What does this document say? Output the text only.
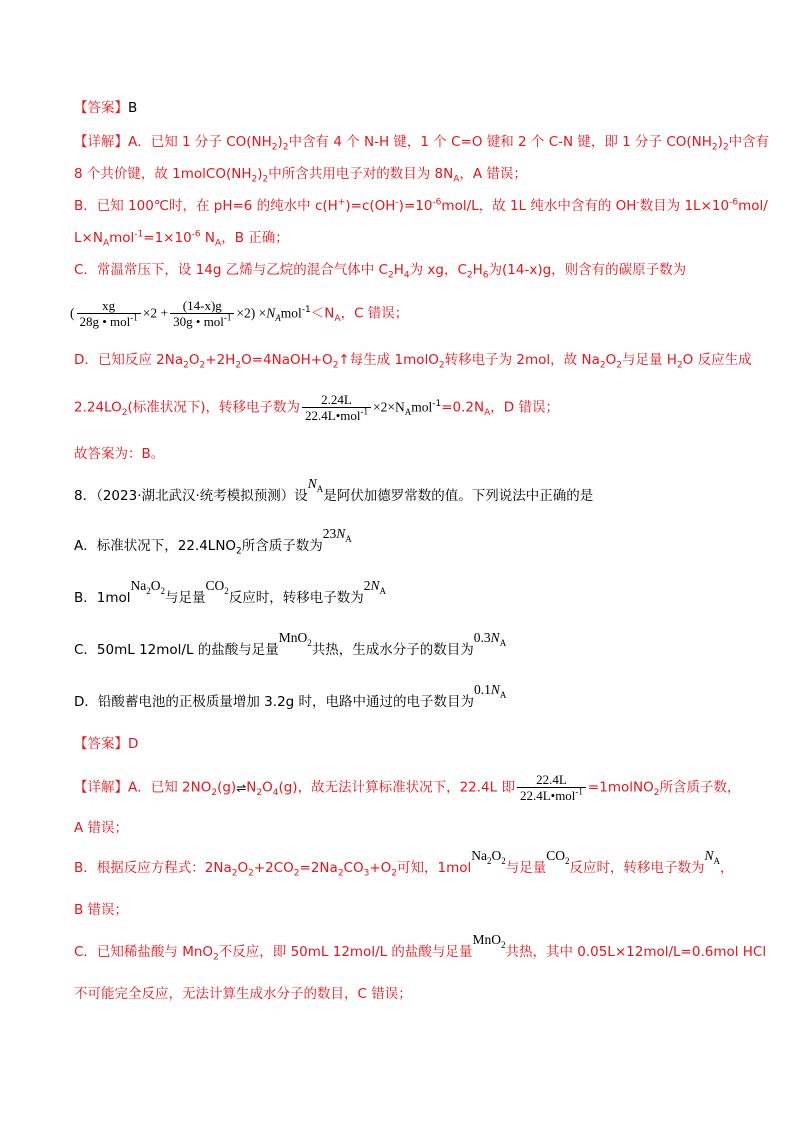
【答案】B
【详解】A．已知 1 分子 $CO(NH_2)_2$中含有 4 个 N-H 键，1 个 C=O 键和 2 个 C-N 键，即 1 分子 $CO(NH_2)_2$中含有
8 个共价键，故 $1molCO(NH_2)_2$中所含共用电子对的数目为 $8N_A$，A 错误；
B．已知 100℃时，在 pH=6 的纯水中 $c(H^+)=c(OH^-)=10^{-6}mol/L$，故 1L 纯水中含有的 OH-数目为 $1L\times 10^{-6}mol/$
$L\times N_Amol^{-1}=1\times 10^{-6}$ $N_A$，B 正确；
C．常温常压下，设 14g 乙烯与乙烷的混合气体中 $C_2H_4$为 xg，$C_2H_6$为(14-x)g，则含有的碳原子数为
( $\frac{xg}{28g • mol^{-1}} \times 2 + \frac{(14-x)g}{30g • mol^{-1}} \times 2) \times N_Amol^{-1}<N_A$，C 错误；
D．已知反应 $2Na_2O_2+2H_2O=4NaOH+O_2↑$每生成 1molO$_2$转移电子为 2mol，故 $Na_2O_2$与足量 $H_2O$ 反应生成
$2.24LO_2$(标准状况下)，转移电子数为 $\frac{2.24L}{22.4L•mol^{-1}} \times 2\times N_Amol^{-1}=0.2N_A$，D 错误；
故答案为：B。
8．（2023·湖北武汉·统考模拟预测）设$N_A$是阿伏加德罗常数的值。下列说法中正确的是
A．标准状况下，$22.4LNO_2$所含质子数为$23N_A$
B．$1molNa_2O_2$与足量$CO_2$反应时，转移电子数为$2N_A$
C．50mL 12mol/L 的盐酸与足量MnO$_2$共热，生成水分子的数目为$0.3N_A$
D．铅酸蓄电池的正极质量增加 3.2g 时，电路中通过的电子数目为$0.1N_A$
【答案】D
【详解】A．已知 $2NO_2(g)\rightleftharpoons N_2O_4(g)$，故无法计算标准状况下，22.4L 即 $\frac{22.4L}{22.4L•mol^{-1}}$ =1molNO$_2$所含质子数，
A 错误；
B．根据反应方程式：$2Na_2O_2+2CO_2=2Na_2CO_3+O_2$可知，$1molNa_2O_2$与足量$CO_2$反应时，转移电子数为$N_A$，
B 错误；
C．已知稀盐酸与 MnO$_2$不反应，即 50mL 12mol/L 的盐酸与足量MnO$_2$共热，其中 0.05L×12mol/L=0.6mol HCl
不可能完全反应，无法计算生成水分子的数目，C 错误；
